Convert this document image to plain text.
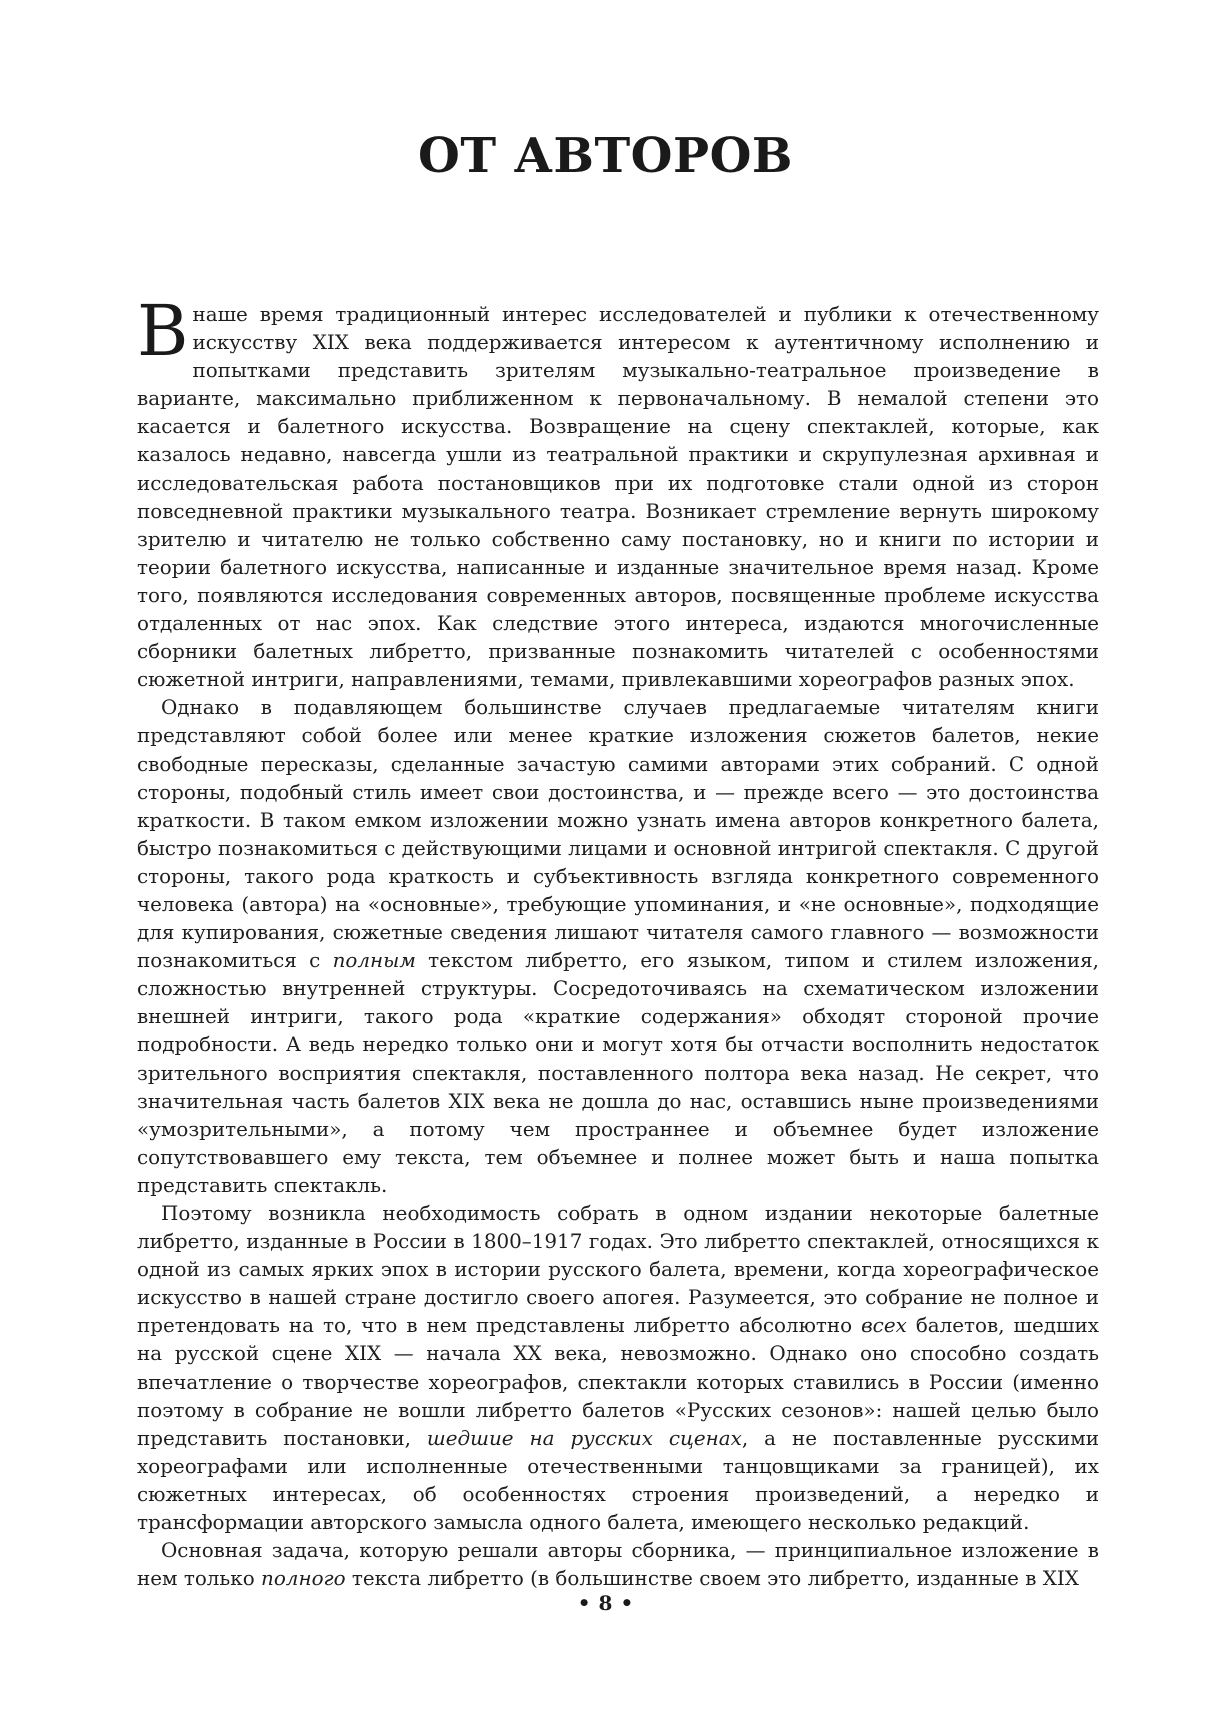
ОТ АВТОРОВ

Внаше время традиционный интерес исследователей и публики к отечественному искусству XIX века поддерживается интересом к аутентичному исполнению и попытками представить зрителям музыкально-театральное произведение в варианте, максимально приближенном к первоначальному. В немалой степени это касается и балетного искусства. Возвращение на сцену спектаклей, которые, как казалось недавно, навсегда ушли из театральной практики и скрупулезная архивная и исследовательская работа постановщиков при их подготовке стали одной из сторон повседневной практики музыкального театра. Возникает стремление вернуть широкому зрителю и читателю не только собственно саму постановку, но и книги по истории и теории балетного искусства, написанные и изданные значительное время назад. Кроме того, появляются исследования современных авторов, посвященные проблеме искусства отдаленных от нас эпох. Как следствие этого интереса, издаются многочисленные сборники балетных либретто, призванные познакомить читателей с особенностями сюжетной интриги, направлениями, темами, привлекавшими хореографов разных эпох.

Однако в подавляющем большинстве случаев предлагаемые читателям книги представляют собой более или менее краткие изложения сюжетов балетов, некие свободные пересказы, сделанные зачастую самими авторами этих собраний. С одной стороны, подобный стиль имеет свои достоинства, и — прежде всего — это достоинства краткости. В таком емком изложении можно узнать имена авторов конкретного балета, быстро познакомиться с действующими лицами и основной интригой спектакля. С другой стороны, такого рода краткость и субъективность взгляда конкретного современного человека (автора) на «основные», требующие упоминания, и «не основные», подходящие для купирования, сюжетные сведения лишают читателя самого главного — возможности познакомиться с полным текстом либретто, его языком, типом и стилем изложения, сложностью внутренней структуры. Сосредоточиваясь на схематическом изложении внешней интриги, такого рода «краткие содержания» обходят стороной прочие подробности. А ведь нередко только они и могут хотя бы отчасти восполнить недостаток зрительного восприятия спектакля, поставленного полтора века назад. Не секрет, что значительная часть балетов XIX века не дошла до нас, оставшись ныне произведениями «умозрительными», а потому чем пространнее и объемнее будет изложение сопутствовавшего ему текста, тем объемнее и полнее может быть и наша попытка представить спектакль.

Поэтому возникла необходимость собрать в одном издании некоторые балетные либретто, изданные в России в 1800–1917 годах. Это либретто спектаклей, относящихся к одной из самых ярких эпох в истории русского балета, времени, когда хореографическое искусство в нашей стране достигло своего апогея. Разумеется, это собрание не полное и претендовать на то, что в нем представлены либретто абсолютно всех балетов, шедших на русской сцене XIX — начала XX века, невозможно. Однако оно способно создать впечатление о творчестве хореографов, спектакли которых ставились в России (именно поэтому в собрание не вошли либретто балетов «Русских сезонов»: нашей целью было представить постановки, шедшие на русских сценах, а не поставленные русскими хореографами или исполненные отечественными танцовщиками за границей), их сюжетных интересах, об особенностях строения произведений, а нередко и трансформации авторского замысла одного балета, имеющего несколько редакций.

Основная задача, которую решали авторы сборника, — принципиальное изложение в нем только полного текста либретто (в большинстве своем это либретто, изданные в XIX

• 8 •
